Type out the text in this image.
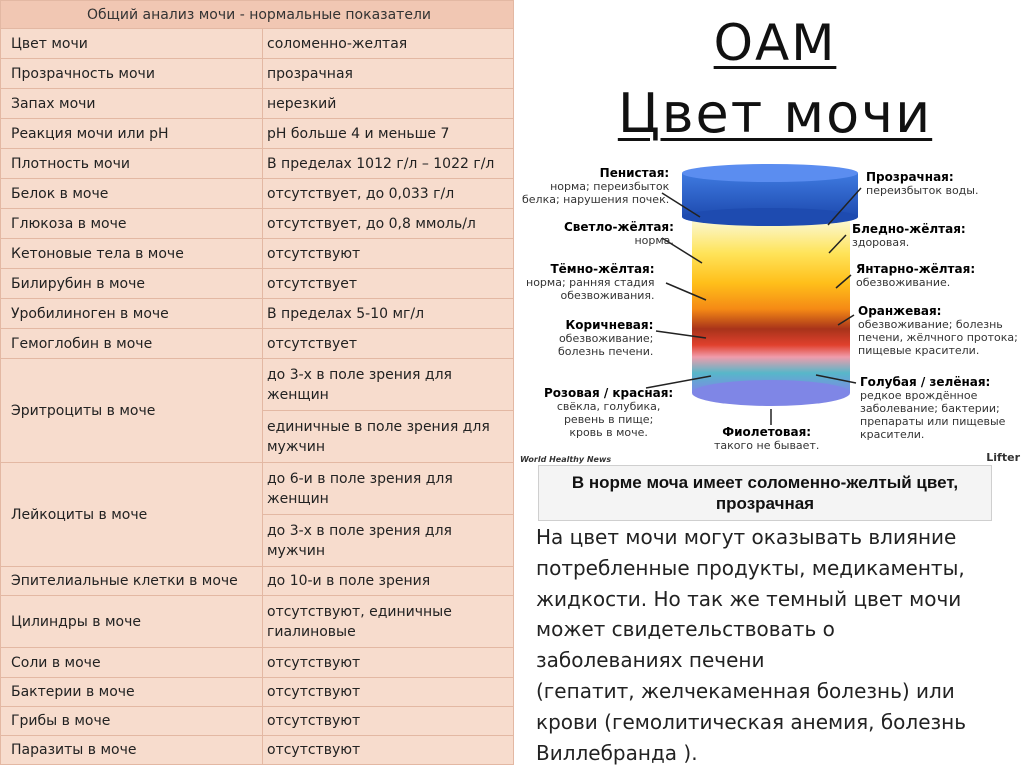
Общий анализ мочи - нормальные показатели	
Цвет мочи	соломенно-желтая
Прозрачность мочи	прозрачная
Запах мочи	нерезкий
Реакция мочи или pH	pH больше 4 и меньше 7
Плотность мочи	В пределах 1012 г/л – 1022 г/л
Белок в моче	отсутствует, до 0,033 г/л
Глюкоза в моче	отсутствует, до 0,8 ммоль/л
Кетоновые тела в моче	отсутствуют
Билирубин в моче	отсутствует
Уробилиноген в моче	В пределах 5-10 мг/л
Гемоглобин в моче	отсутствует
Эритроциты в моче	до 3-х в поле зрения для женщин
	единичные в поле зрения для мужчин
Лейкоциты в моче	до 6-и в поле зрения для женщин
	до 3-х в поле зрения для мужчин
Эпителиальные клетки в моче	до 10-и в поле зрения
Цилиндры в моче	отсутствуют, единичные гиалиновые
Соли в моче	отсутствуют
Бактерии в моче	отсутствуют
Грибы в моче	отсутствуют
Паразиты в моче	отсутствуют
ОАМ
Цвет мочи
Пенистая:
норма; переизбыток
белка; нарушения почек.
Светло-жёлтая:
норма.
Тёмно-жёлтая:
норма; ранняя стадия
обезвоживания.
Коричневая:
обезвоживание;
болезнь печени.
Розовая / красная:
свёкла, голубика,
ревень в пище;
кровь в моче.	Фиолетовая:
такого не бывает.
Прозрачная:
переизбыток воды.
Бледно-жёлтая:
здоровая.
Янтарно-жёлтая:
обезвоживание.
Оранжевая:
обезвоживание; болезнь
печени, жёлчного протока;
пищевые красители.
Голубая / зелёная:
редкое врождённое
заболевание; бактерии;
препараты или пищевые
красители.
World Healthy News	Lifter
В норме моча имеет соломенно-желтый цвет, прозрачная
На цвет мочи могут оказывать влияние
потребленные продукты, медикаменты,
жидкости. Но так же темный цвет мочи
может свидетельствовать о
заболеваниях печени
(гепатит, желчекаменная болезнь) или
крови (гемолитическая анемия, болезнь
Виллебранда ).
